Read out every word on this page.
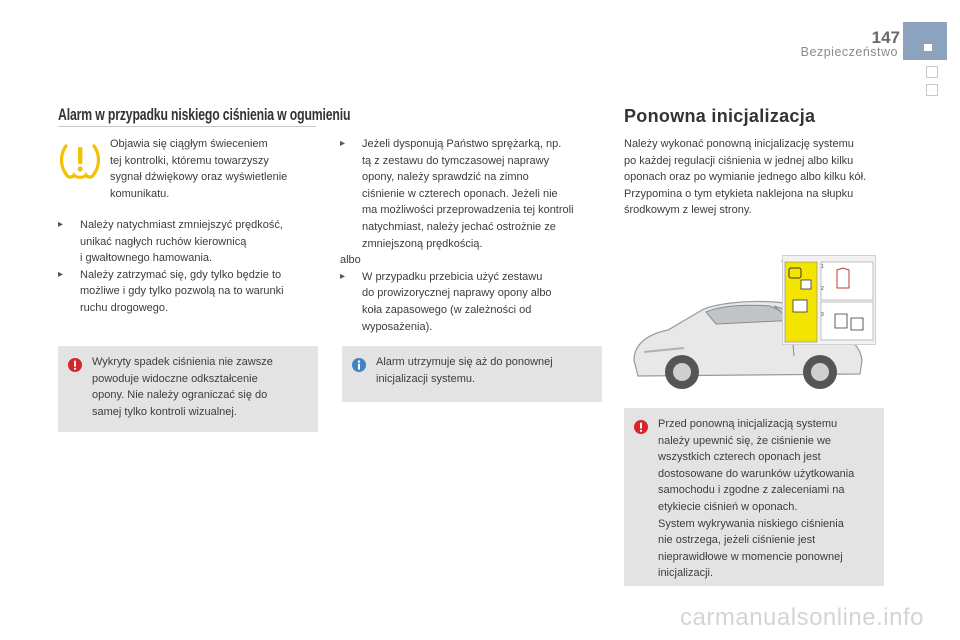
147
Bezpieczeństwo
Alarm w przypadku niskiego ciśnienia w ogumieniu
Objawia się ciągłym świeceniem
tej kontrolki, któremu towarzyszy
sygnał dźwiękowy oraz wyświetlenie
komunikatu.
▸ Należy natychmiast zmniejszyć prędkość,
unikać nagłych ruchów kierownicą
i gwałtownego hamowania.
▸ Należy zatrzymać się, gdy tylko będzie to
możliwe i gdy tylko pozwolą na to warunki
ruchu drogowego.
Wykryty spadek ciśnienia nie zawsze
powoduje widoczne odkształcenie
opony. Nie należy ograniczać się do
samej tylko kontroli wizualnej.
▸ Jeżeli dysponują Państwo sprężarką, np.
tą z zestawu do tymczasowej naprawy
opony, należy sprawdzić na zimno
ciśnienie w czterech oponach. Jeżeli nie
ma możliwości przeprowadzenia tej kontroli
natychmiast, należy jechać ostrożnie ze
zmniejszoną prędkością.
albo
▸ W przypadku przebicia użyć zestawu
do prowizorycznej naprawy opony albo
koła zapasowego (w zależności od
wyposażenia).
Alarm utrzymuje się aż do ponownej
inicjalizacji systemu.
Ponowna inicjalizacja
Należy wykonać ponowną inicjalizację systemu
po każdej regulacji ciśnienia w jednej albo kilku
oponach oraz po wymianie jednego albo kilku kół.
Przypomina o tym etykieta naklejona na słupku
środkowym z lewej strony.
1
2
3
Przed ponowną inicjalizacją systemu
należy upewnić się, że ciśnienie we
wszystkich czterech oponach jest
dostosowane do warunków użytkowania
samochodu i zgodne z zaleceniami na
etykiecie ciśnień w oponach.
System wykrywania niskiego ciśnienia
nie ostrzega, jeżeli ciśnienie jest
nieprawidłowe w momencie ponownej
inicjalizacji.
carmanualsonline.info
